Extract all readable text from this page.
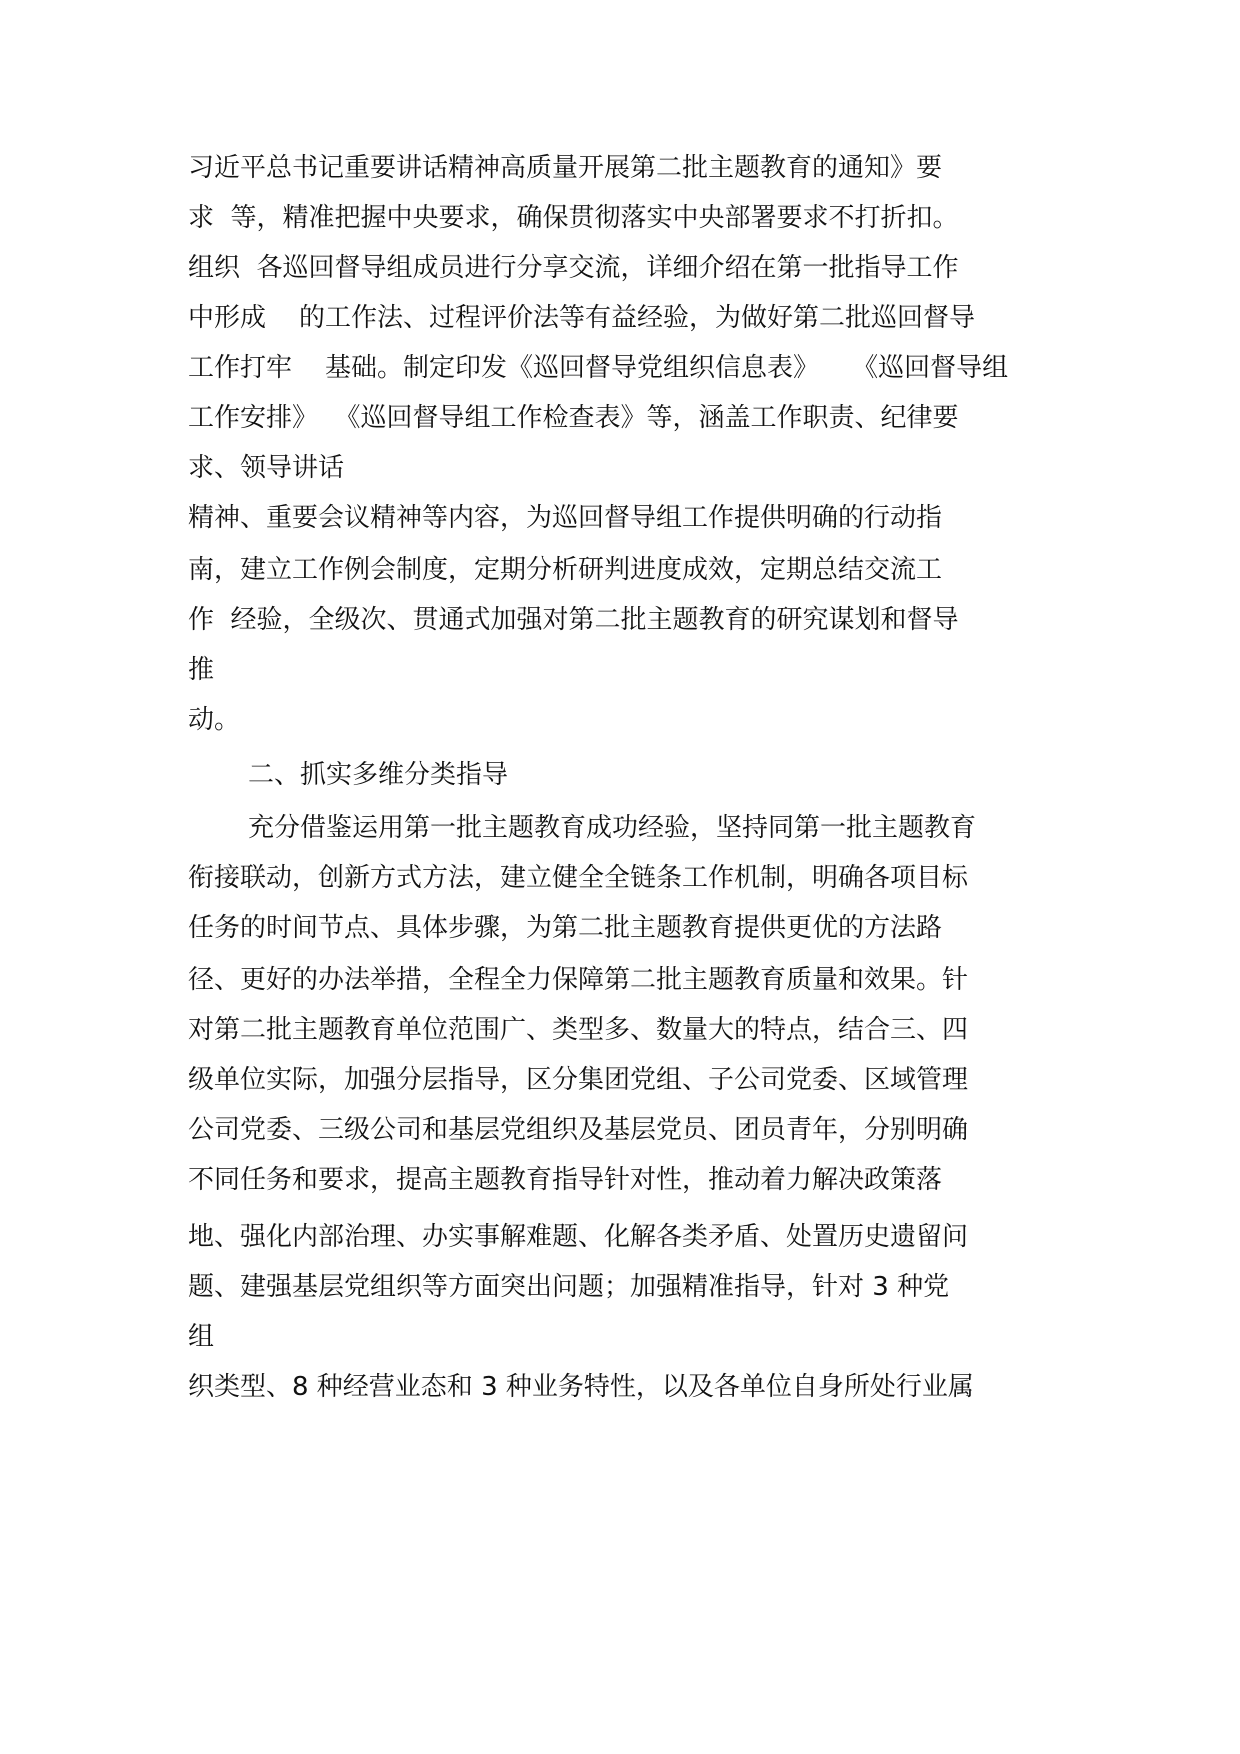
习近平总书记重要讲话精神高质量开展第二批主题教育的通知》要
求  等，精准把握中央要求，确保贯彻落实中央部署要求不打折扣。
组织  各巡回督导组成员进行分享交流，详细介绍在第一批指导工作
中形成    的工作法、过程评价法等有益经验，为做好第二批巡回督导
工作打牢    基础。制定印发《巡回督导党组织信息表》    《巡回督导组
工作安排》  《巡回督导组工作检查表》等，涵盖工作职责、纪律要
求、领导讲话
精神、重要会议精神等内容，为巡回督导组工作提供明确的行动指
南，建立工作例会制度，定期分析研判进度成效，定期总结交流工
作  经验，全级次、贯通式加强对第二批主题教育的研究谋划和督导
推
动。
二、抓实多维分类指导
充分借鉴运用第一批主题教育成功经验，坚持同第一批主题教育
衔接联动，创新方式方法，建立健全全链条工作机制，明确各项目标
任务的时间节点、具体步骤，为第二批主题教育提供更优的方法路
径、更好的办法举措，全程全力保障第二批主题教育质量和效果。针
对第二批主题教育单位范围广、类型多、数量大的特点，结合三、四
级单位实际，加强分层指导，区分集团党组、子公司党委、区域管理
公司党委、三级公司和基层党组织及基层党员、团员青年，分别明确
不同任务和要求，提高主题教育指导针对性，推动着力解决政策落
地、强化内部治理、办实事解难题、化解各类矛盾、处置历史遗留问
题、建强基层党组织等方面突出问题；加强精准指导，针对 3 种党
组
织类型、8 种经营业态和 3 种业务特性，以及各单位自身所处行业属
